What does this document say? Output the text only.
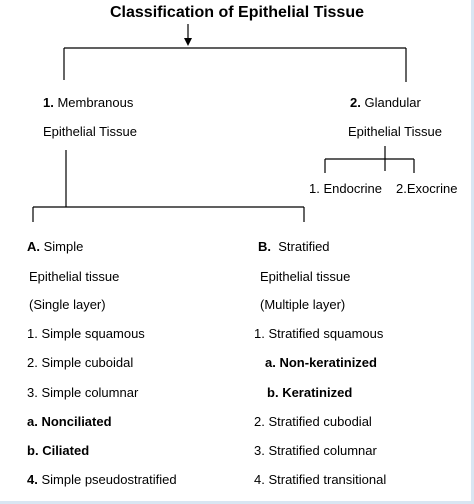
Classification of Epithelial Tissue
1. Membranous
Epithelial Tissue
2. Glandular
Epithelial Tissue
1. Endocrine 2.Exocrine
A. Simple
Epithelial tissue
(Single layer)
1. Simple squamous
2. Simple cuboidal
3. Simple columnar
a. Nonciliated
b. Ciliated
4. Simple pseudostratified
B. Stratified
Epithelial tissue
(Multiple layer)
1. Stratified squamous
a. Non-keratinized
b. Keratinized
2. Stratified cubodial
3. Stratified columnar
4. Stratified transitional
